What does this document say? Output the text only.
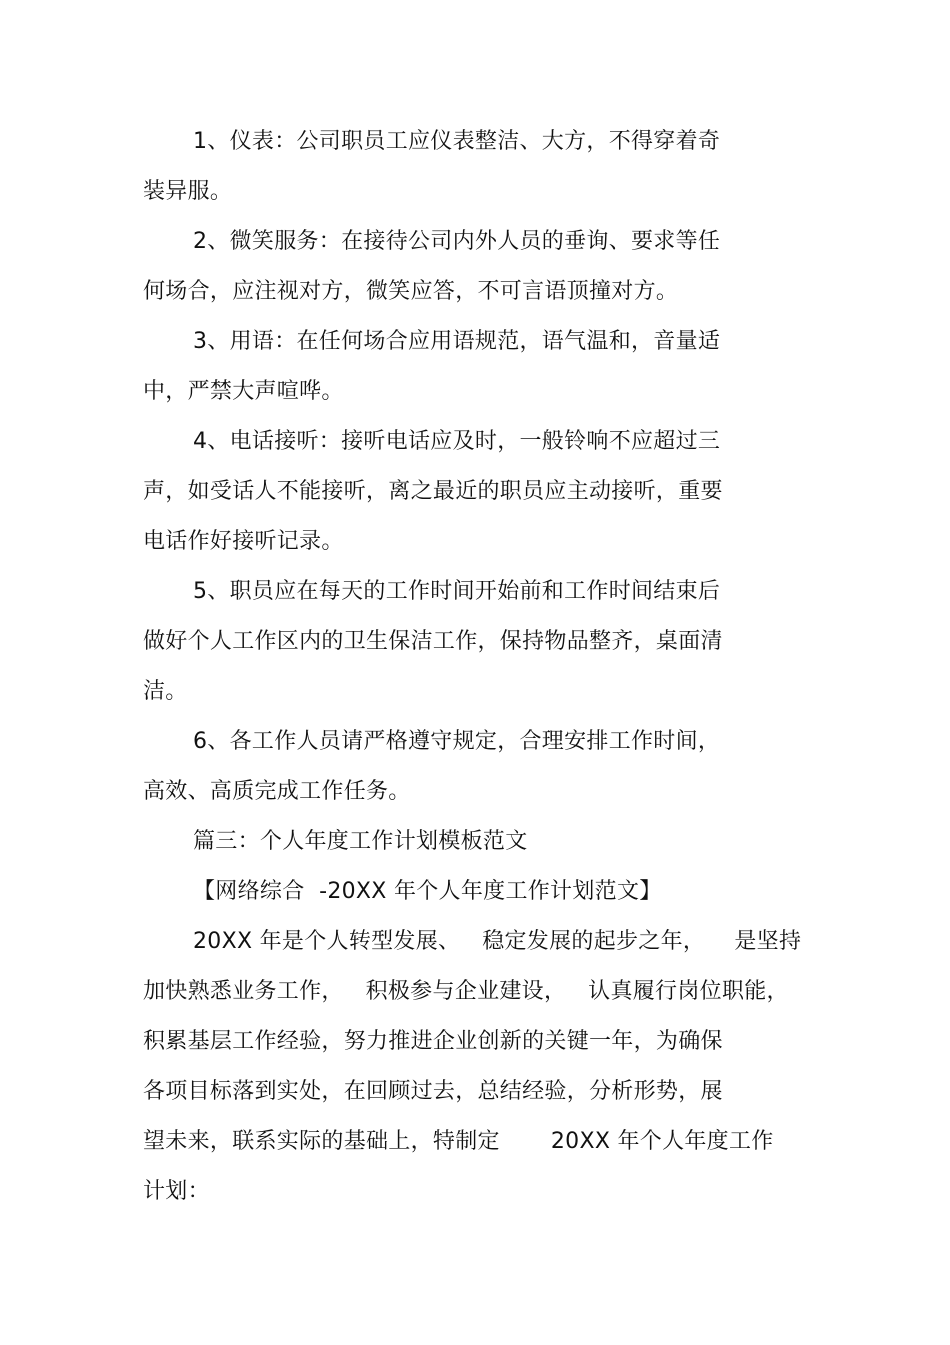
1、仪表：公司职员工应仪表整洁、大方，不得穿着奇
装异服。
2、微笑服务：在接待公司内外人员的垂询、要求等任
何场合，应注视对方，微笑应答，不可言语顶撞对方。
3、用语：在任何场合应用语规范，语气温和，音量适
中，严禁大声喧哗。
4、电话接听：接听电话应及时，一般铃响不应超过三
声，如受话人不能接听，离之最近的职员应主动接听，重要
电话作好接听记录。
5、职员应在每天的工作时间开始前和工作时间结束后
做好个人工作区内的卫生保洁工作，保持物品整齐，桌面清
洁。
6、各工作人员请严格遵守规定，合理安排工作时间，
高效、高质完成工作任务。
篇三：个人年度工作计划模板范文
【网络综合  -20XX 年个人年度工作计划范文】
20XX 年是个人转型发展、   稳定发展的起步之年，    是坚持
加快熟悉业务工作，   积极参与企业建设，   认真履行岗位职能，
积累基层工作经验，努力推进企业创新的关键一年，为确保
各项目标落到实处，在回顾过去，总结经验，分析形势，展
望未来，联系实际的基础上，特制定       20XX 年个人年度工作
计划：
